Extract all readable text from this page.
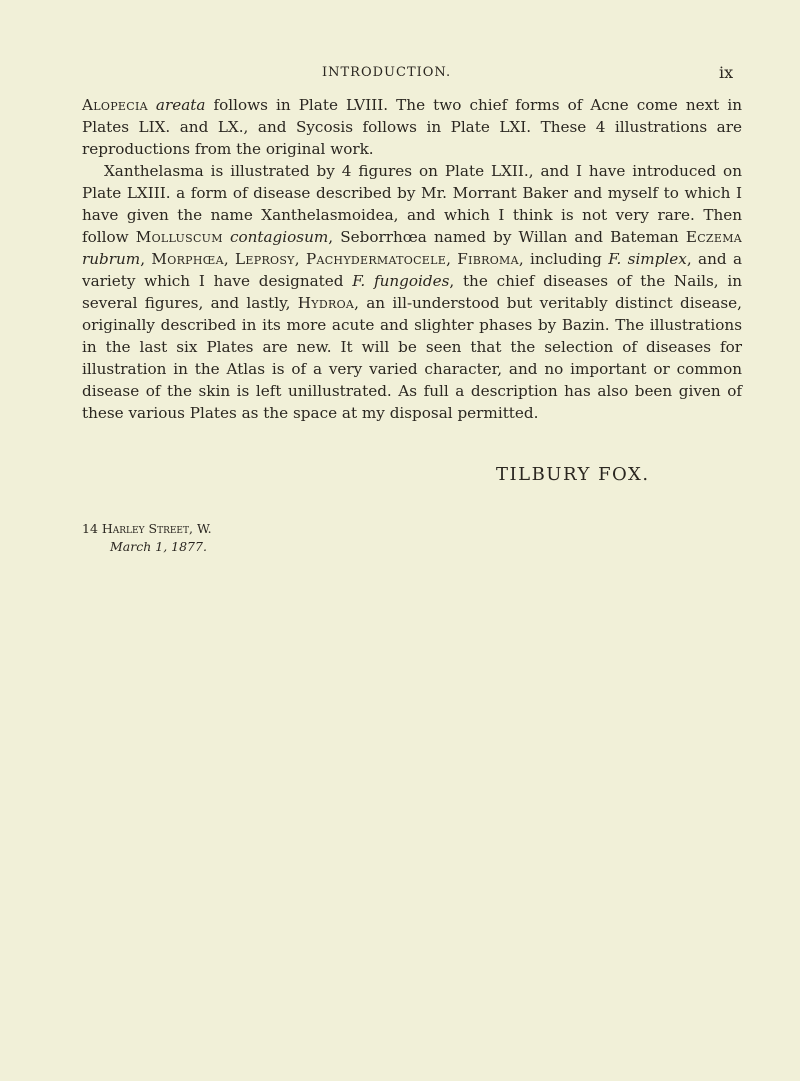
INTRODUCTION.	ix

Alopecia areata follows in Plate LVIII. The two chief forms of Acne come next in Plates LIX. and LX., and Sycosis follows in Plate LXI. These 4 illustrations are reproductions from the original work.

Xanthelasma is illustrated by 4 figures on Plate LXII., and I have introduced on Plate LXIII. a form of disease described by Mr. Morrant Baker and myself to which I have given the name Xanthelasmoidea, and which I think is not very rare. Then follow Molluscum contagiosum, Seborrhœa named by Willan and Bateman Eczema rubrum, Morphœa, Leprosy, Pachydermatocele, Fibroma, including F. simplex, and a variety which I have designated F. fungoides, the chief diseases of the Nails, in several figures, and lastly, Hydroa, an ill-understood but veritably distinct disease, originally described in its more acute and slighter phases by Bazin. The illustrations in the last six Plates are new. It will be seen that the selection of diseases for illustration in the Atlas is of a very varied character, and no important or common disease of the skin is left unillustrated. As full a description has also been given of these various Plates as the space at my disposal permitted.

TILBURY FOX.
14 Harley Street, W.
March 1, 1877.
